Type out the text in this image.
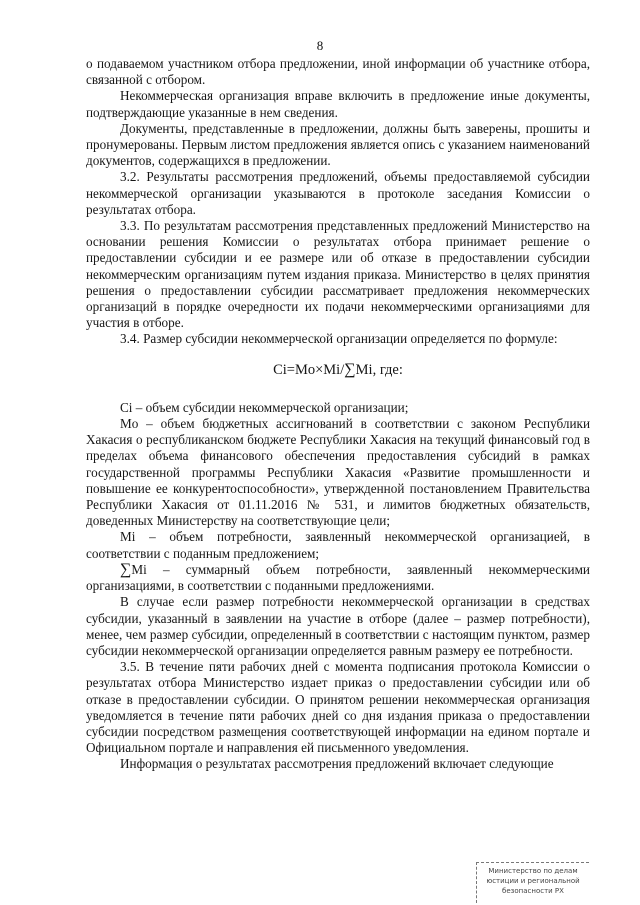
8

о подаваемом участником отбора предложении, иной информации об участнике отбора, связанной с отбором.

Некоммерческая организация вправе включить в предложение иные документы, подтверждающие указанные в нем сведения.

Документы, представленные в предложении, должны быть заверены, прошиты и пронумерованы. Первым листом предложения является опись с указанием наименований документов, содержащихся в предложении.

3.2. Результаты рассмотрения предложений, объемы предоставляемой субсидии некоммерческой организации указываются в протоколе заседания Комиссии о результатах отбора.

3.3. По результатам рассмотрения представленных предложений Министерство на основании решения Комиссии о результатах отбора принимает решение о предоставлении субсидии и ее размере или об отказе в предоставлении субсидии некоммерческим организациям путем издания приказа. Министерство в целях принятия решения о предоставлении субсидии рассматривает предложения некоммерческих организаций в порядке очередности их подачи некоммерческими организациями для участия в отборе.

3.4. Размер субсидии некоммерческой организации определяется по формуле:

Ci=Mo×Mi/∑Mi, где:

Ci – объем субсидии некоммерческой организации;

Mo – объем бюджетных ассигнований в соответствии с законом Республики Хакасия о республиканском бюджете Республики Хакасия на текущий финансовый год в пределах объема финансового обеспечения предоставления субсидий в рамках государственной программы Республики Хакасия «Развитие промышленности и повышение ее конкурентоспособности», утвержденной постановлением Правительства Республики Хакасия от 01.11.2016 № 531, и лимитов бюджетных обязательств, доведенных Министерству на соответствующие цели;

Mi – объем потребности, заявленный некоммерческой организацией, в соответствии с поданным предложением;

∑Mi – суммарный объем потребности, заявленный некоммерческими организациями, в соответствии с поданными предложениями.

В случае если размер потребности некоммерческой организации в средствах субсидии, указанный в заявлении на участие в отборе (далее – размер потребности), менее, чем размер субсидии, определенный в соответствии с настоящим пунктом, размер субсидии некоммерческой организации определяется равным размеру ее потребности.

3.5. В течение пяти рабочих дней с момента подписания протокола Комиссии о результатах отбора Министерство издает приказ о предоставлении субсидии или об отказе в предоставлении субсидии. О принятом решении некоммерческая организация уведомляется в течение пяти рабочих дней со дня издания приказа о предоставлении субсидии посредством размещения соответствующей информации на едином портале и Официальном портале и направления ей письменного уведомления.

Информация о результатах рассмотрения предложений включает следующие

Министерство по делам
юстиции и региональной
безопасности РХ
